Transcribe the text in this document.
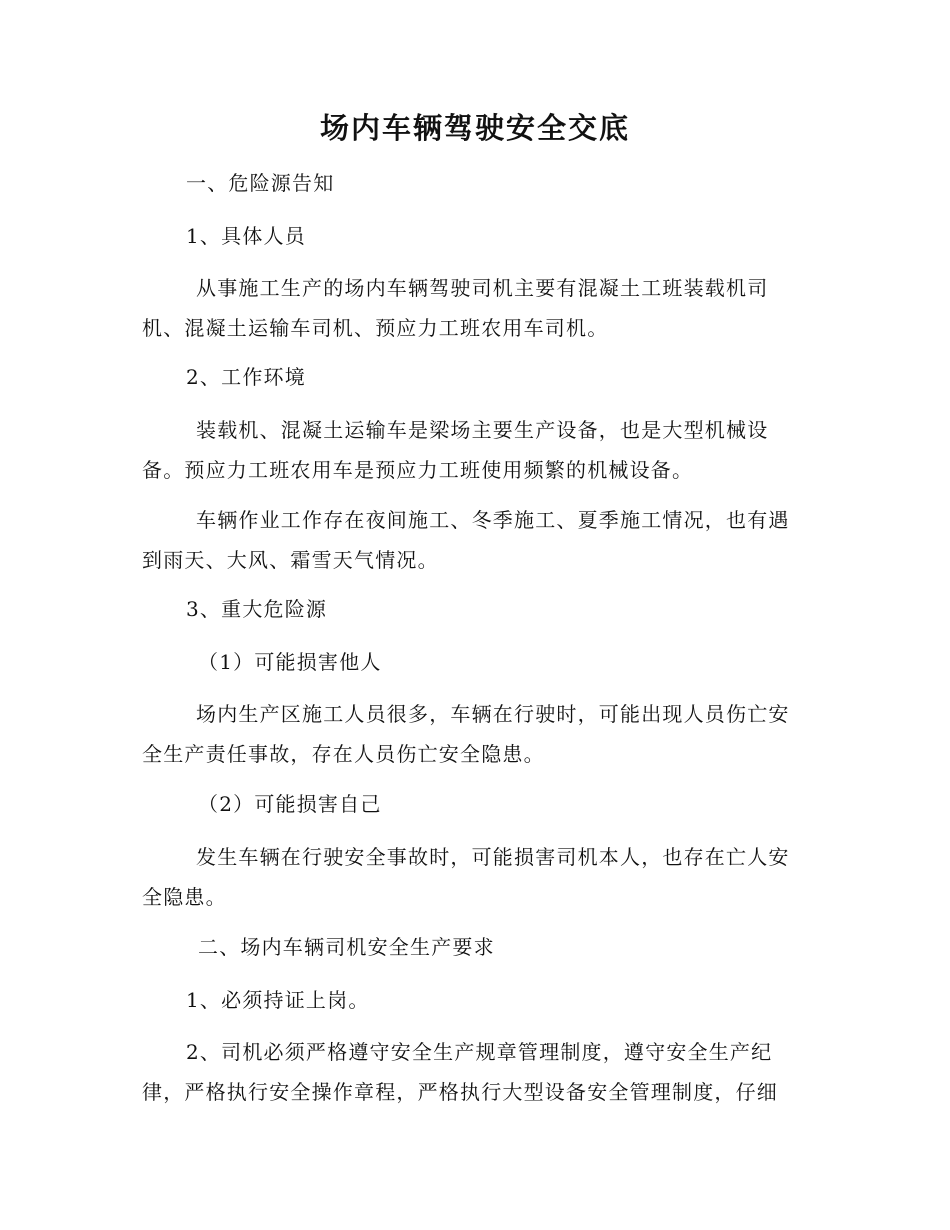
场内车辆驾驶安全交底
一、危险源告知
1、具体人员
从事施工生产的场内车辆驾驶司机主要有混凝土工班装载机司
机、混凝土运输车司机、预应力工班农用车司机。
2、工作环境
装载机、混凝土运输车是梁场主要生产设备，也是大型机械设
备。预应力工班农用车是预应力工班使用频繁的机械设备。
车辆作业工作存在夜间施工、冬季施工、夏季施工情况，也有遇
到雨天、大风、霜雪天气情况。
3、重大危险源
（1）可能损害他人
场内生产区施工人员很多，车辆在行驶时，可能出现人员伤亡安
全生产责任事故，存在人员伤亡安全隐患。
（2）可能损害自己
发生车辆在行驶安全事故时，可能损害司机本人，也存在亡人安
全隐患。
二、场内车辆司机安全生产要求
1、必须持证上岗。
2、司机必须严格遵守安全生产规章管理制度，遵守安全生产纪
律，严格执行安全操作章程，严格执行大型设备安全管理制度，仔细
